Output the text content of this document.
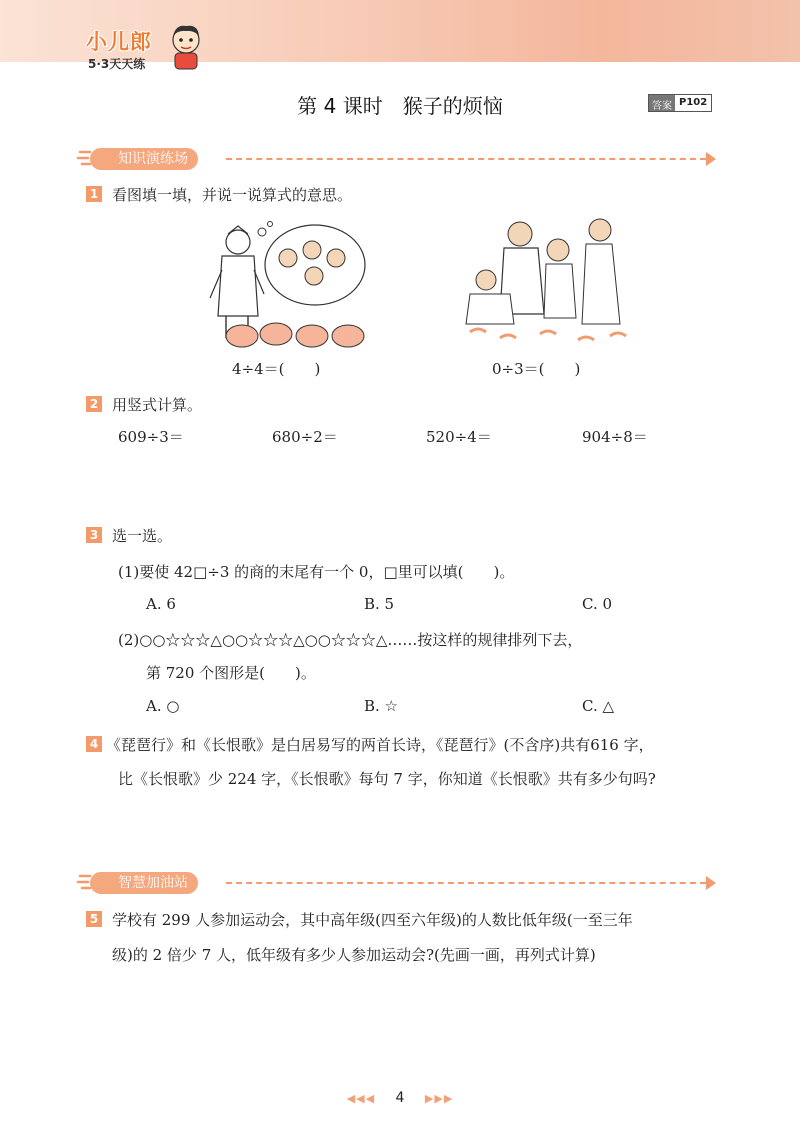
小儿郎
5·3天天练
第 4 课时　猴子的烦恼	答案 P102
知识演练场
1 看图填一填，并说一说算式的意思。
4÷4＝(　　)	0÷3＝(　　)
2 用竖式计算。
609÷3＝	680÷2＝	520÷4＝	904÷8＝
3 选一选。
(1)要使 42□÷3 的商的末尾有一个 0，□里可以填(　　)。
A. 6	B. 5	C. 0
(2)○○☆☆☆△○○☆☆☆△○○☆☆☆△……按这样的规律排列下去，
第 720 个图形是(　　)。
A. ○	B. ☆	C. △
4 《琵琶行》和《长恨歌》是白居易写的两首长诗，《琵琶行》(不含序)共有616 字，
比《长恨歌》少 224 字，《长恨歌》每句 7 字，你知道《长恨歌》共有多少句吗?
智慧加油站
5 学校有 299 人参加运动会，其中高年级(四至六年级)的人数比低年级(一至三年
级)的 2 倍少 7 人，低年级有多少人参加运动会?(先画一画，再列式计算)
◀◀◀ 4 ▶▶▶
